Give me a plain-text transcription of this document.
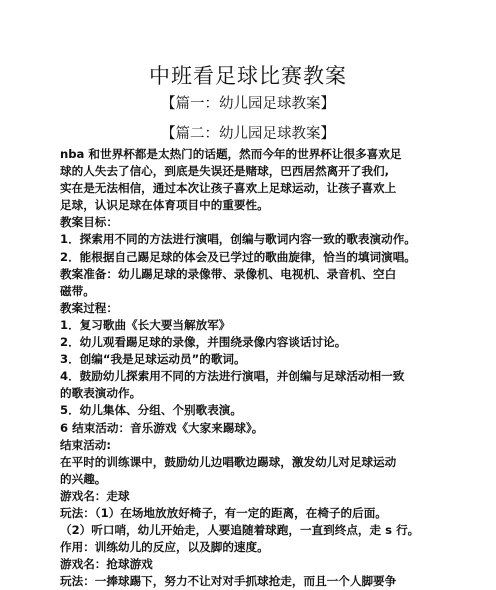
中班看足球比赛教案
【篇一：幼儿园足球教案】
【篇二：幼儿园足球教案】

nba 和世界杯都是太热门的话题，然而今年的世界杯让很多喜欢足

球的人失去了信心，到底是失误还是赌球，巴西居然离开了我们,

实在是无法相信，通过本次让孩子喜欢上足球运动，让孩子喜欢上

足球，认识足球在体育项目中的重要性。

教案目标：

1．探索用不同的方法进行演唱，创编与歌词内容一致的歌表演动作。

2．能根据自己踢足球的体会及已学过的歌曲旋律，恰当的填词演唱。

教案准备：幼儿踢足球的录像带、录像机、电视机、录音机、空白

磁带。

教案过程：

1．复习歌曲《长大要当解放军》

2．幼儿观看踢足球的录像，并围绕录像内容谈话讨论。

3．创编“我是足球运动员”的歌词。

4．鼓励幼儿探索用不同的方法进行演唱，并创编与足球活动相一致

的歌表演动作。

5．幼儿集体、分组、个别歌表演。

6 结束活动：音乐游戏《大家来踢球》。

结束活动:

在平时的训练课中，鼓励幼儿边唱歌边踢球，激发幼儿对足球运动

的兴趣。

游戏名：走球

玩法：（1）在场地放放好椅子，有一定的距离，在椅子的后面。

（2）听口哨，幼儿开始走，人要追随着球跑，一直到终点，走 s 行。

作用：训练幼儿的反应，以及脚的速度。

游戏名：抢球游戏

玩法：一捧球踢下，努力不让对对手抓球抢走，而且一个人脚要争
